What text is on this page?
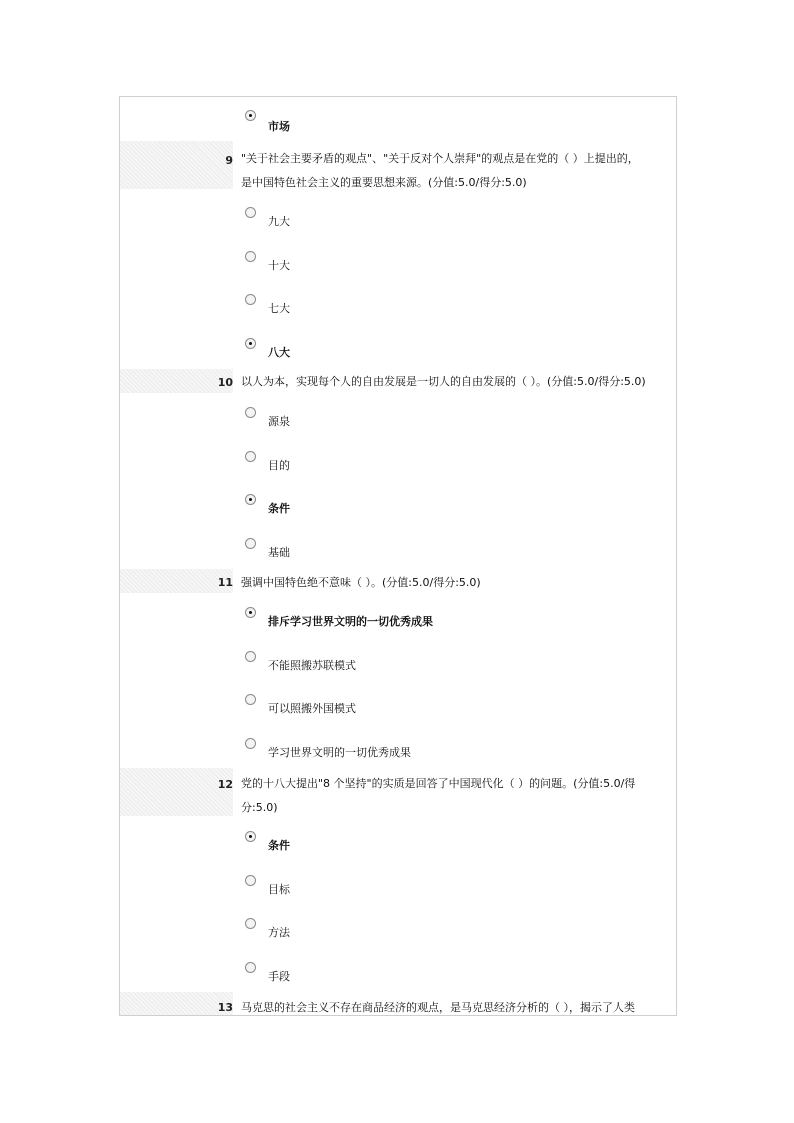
市场
9 "关于社会主要矛盾的观点"、"关于反对个人崇拜"的观点是在党的（ ）上提出的，
是中国特色社会主义的重要思想来源。(分值:5.0/得分:5.0)
九大
十大
七大
八大
10 以人为本，实现每个人的自由发展是一切人的自由发展的（ ）。(分值:5.0/得分:5.0)
源泉
目的
条件
基础
11 强调中国特色绝不意味（ ）。(分值:5.0/得分:5.0)
排斥学习世界文明的一切优秀成果
不能照搬苏联模式
可以照搬外国模式
学习世界文明的一切优秀成果
12 党的十八大提出"8 个坚持"的实质是回答了中国现代化（ ）的问题。(分值:5.0/得
分:5.0)
条件
目标
方法
手段
13 马克思的社会主义不存在商品经济的观点，是马克思经济分析的（ ），揭示了人类
